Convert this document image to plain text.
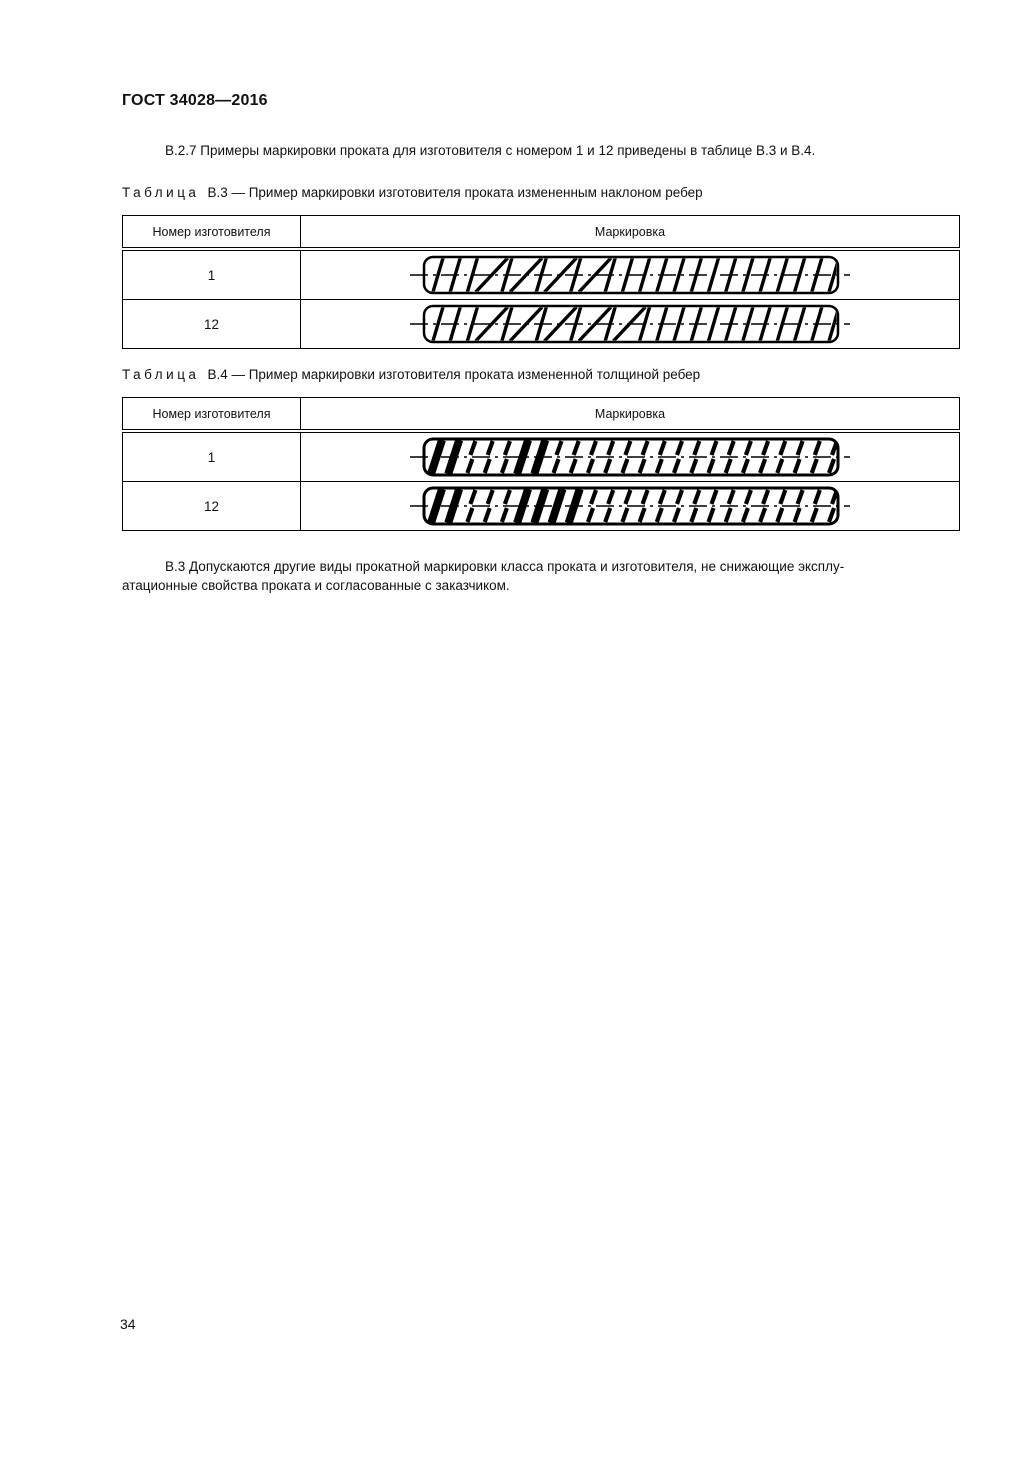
ГОСТ 34028—2016

В.2.7 Примеры маркировки проката для изготовителя с номером 1 и 12 приведены в таблице В.3 и В.4.

Таблица В.3 — Пример маркировки изготовителя проката измененным наклоном ребер

Номер изготовителя	Маркировка
1	

12	

Таблица В.4 — Пример маркировки изготовителя проката измененной толщиной ребер

Номер изготовителя	Маркировка
1	

12	

В.3 Допускаются другие виды прокатной маркировки класса проката и изготовителя, не снижающие эксплу-
атационные свойства проката и согласованные с заказчиком.

34
